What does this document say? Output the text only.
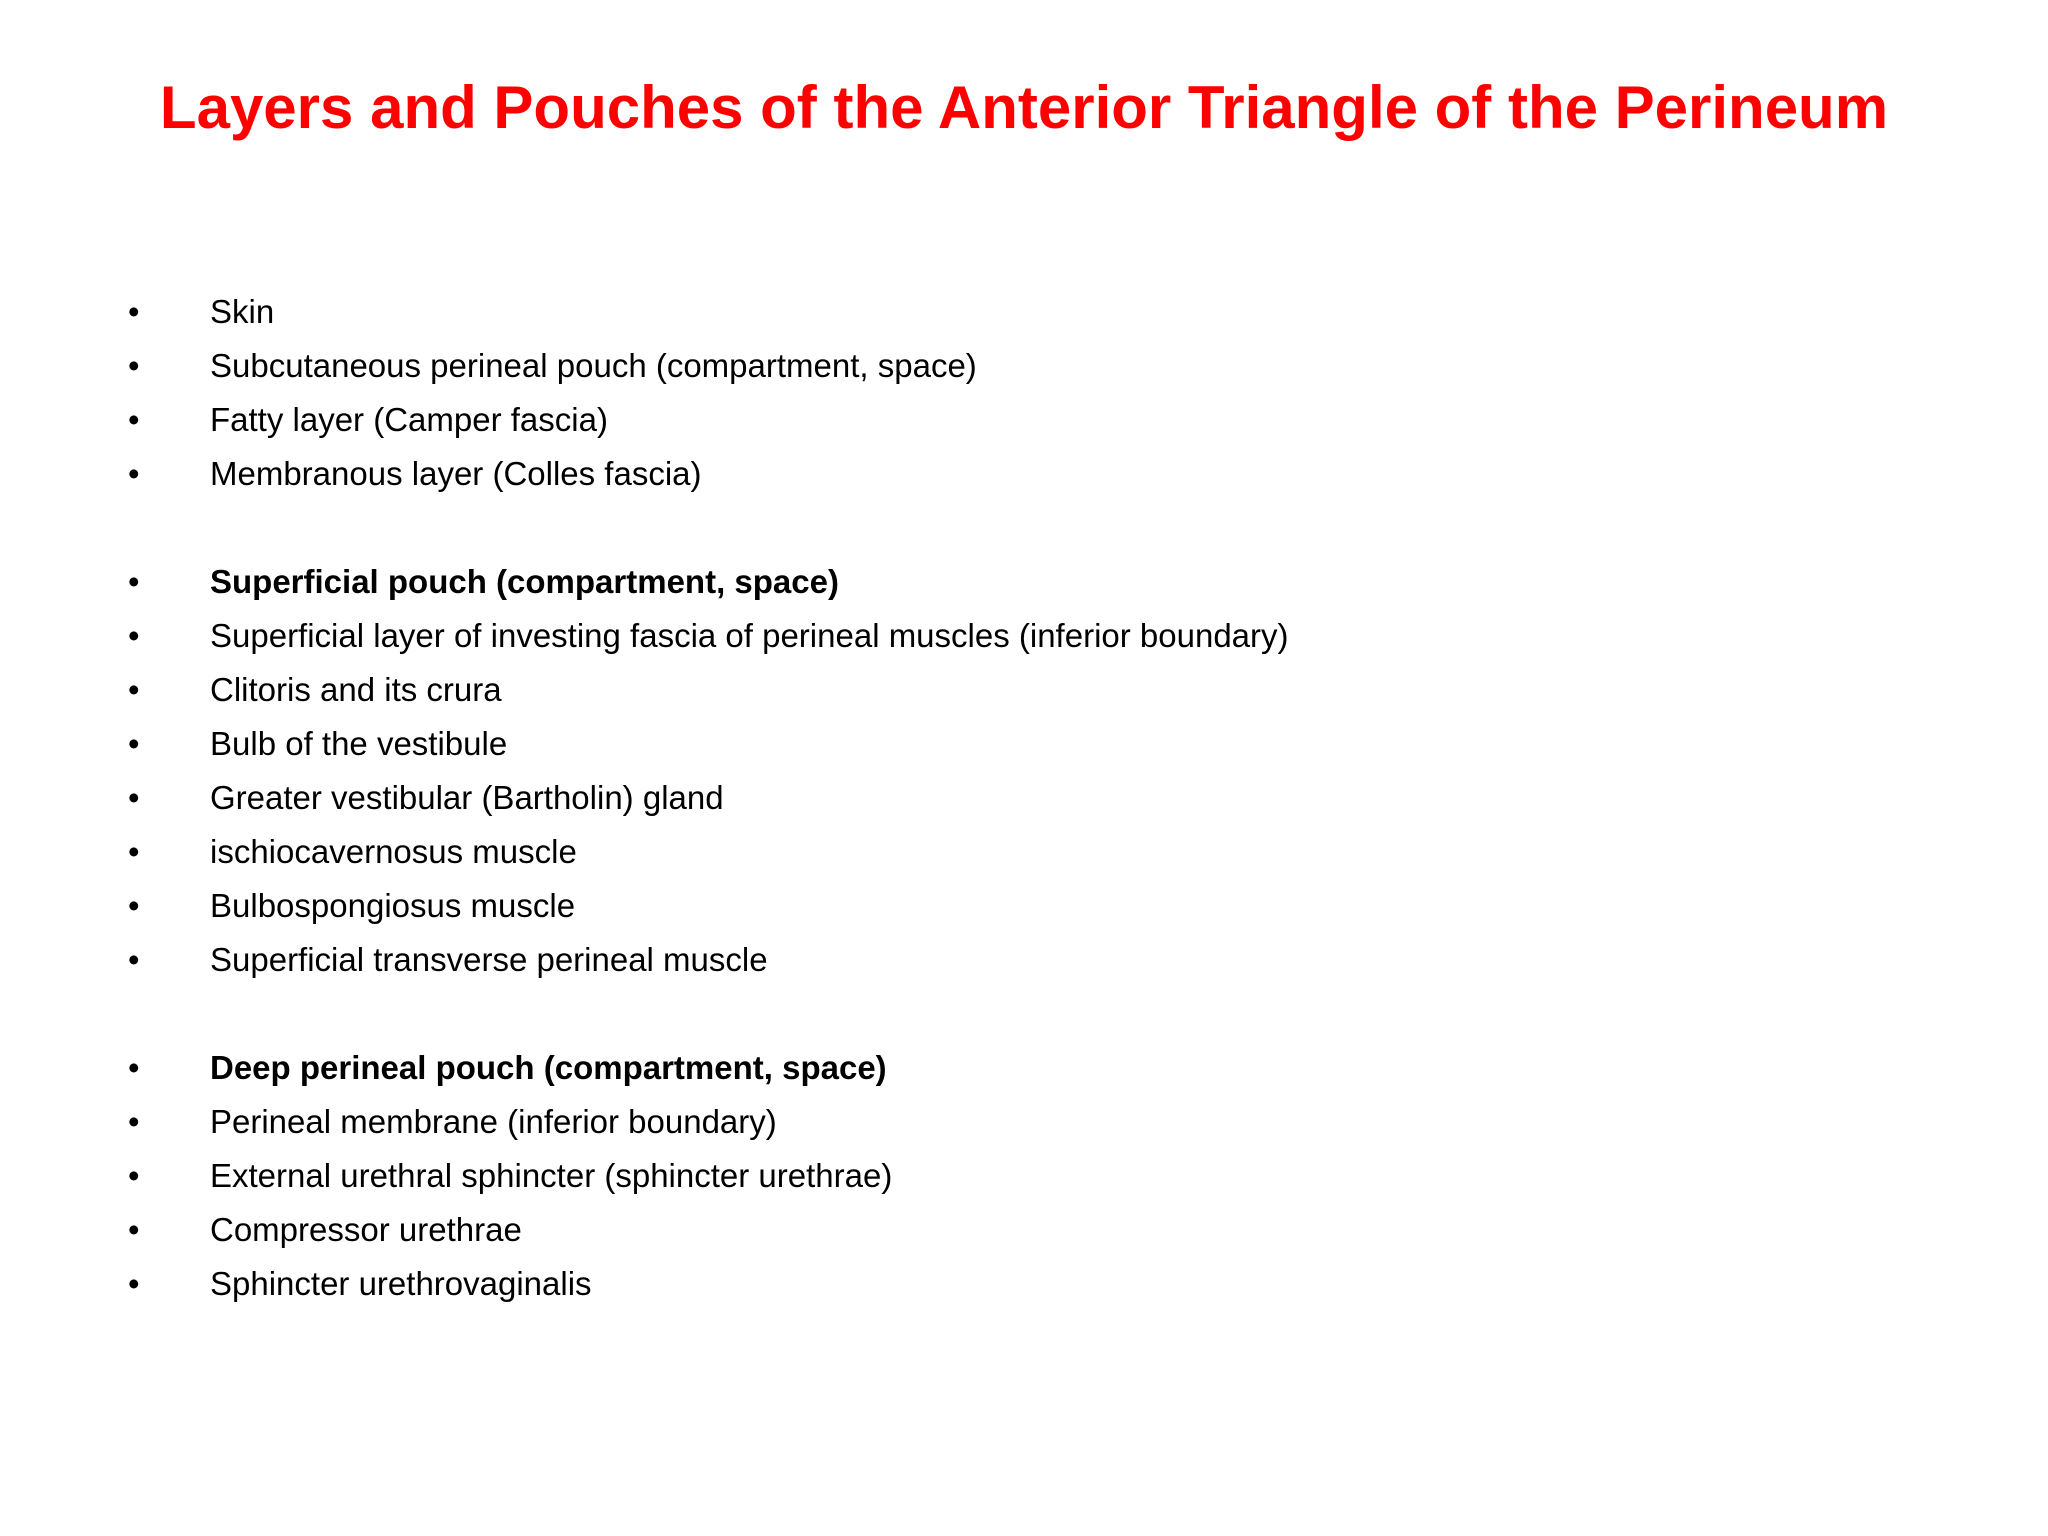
Layers and Pouches of the Anterior Triangle of the Perineum
• Skin
• Subcutaneous perineal pouch (compartment, space)
• Fatty layer (Camper fascia)
• Membranous layer (Colles fascia)
• Superficial pouch (compartment, space)
• Superficial layer of investing fascia of perineal muscles (inferior boundary)
• Clitoris and its crura
• Bulb of the vestibule
• Greater vestibular (Bartholin) gland
• ischiocavernosus muscle
• Bulbospongiosus muscle
• Superficial transverse perineal muscle
• Deep perineal pouch (compartment, space)
• Perineal membrane (inferior boundary)
• External urethral sphincter (sphincter urethrae)
• Compressor urethrae
• Sphincter urethrovaginalis
